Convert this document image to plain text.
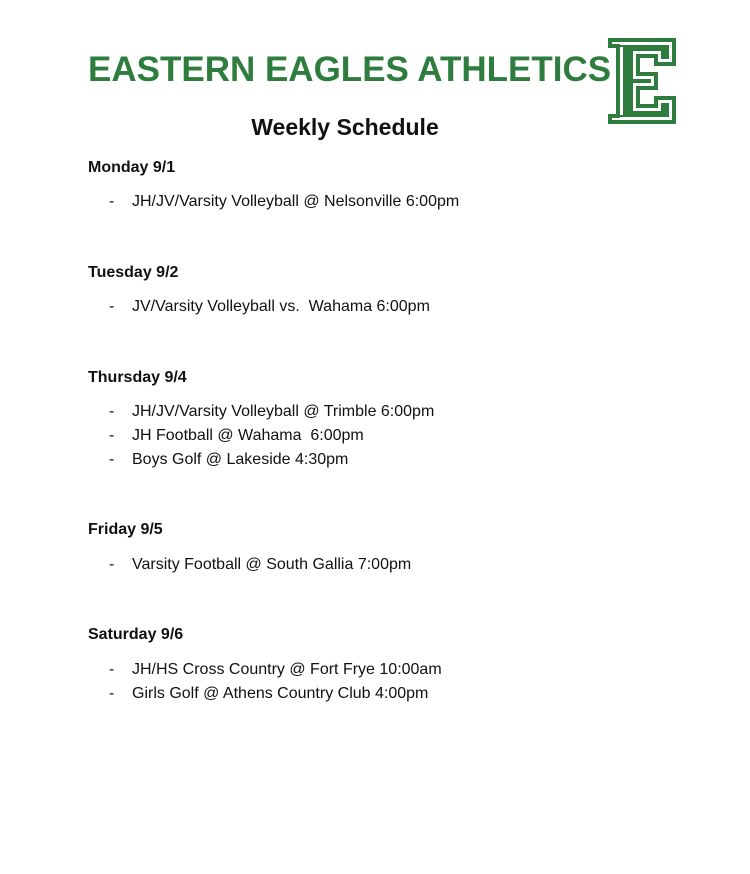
EASTERN EAGLES ATHLETICS
Weekly Schedule
Monday 9/1
- JH/JV/Varsity Volleyball @ Nelsonville 6:00pm
Tuesday 9/2
- JV/Varsity Volleyball vs.  Wahama 6:00pm
Thursday 9/4
- JH/JV/Varsity Volleyball @ Trimble 6:00pm
- JH Football @ Wahama  6:00pm
- Boys Golf @ Lakeside 4:30pm
Friday 9/5
- Varsity Football @ South Gallia 7:00pm
Saturday 9/6
- JH/HS Cross Country @ Fort Frye 10:00am
- Girls Golf @ Athens Country Club 4:00pm
